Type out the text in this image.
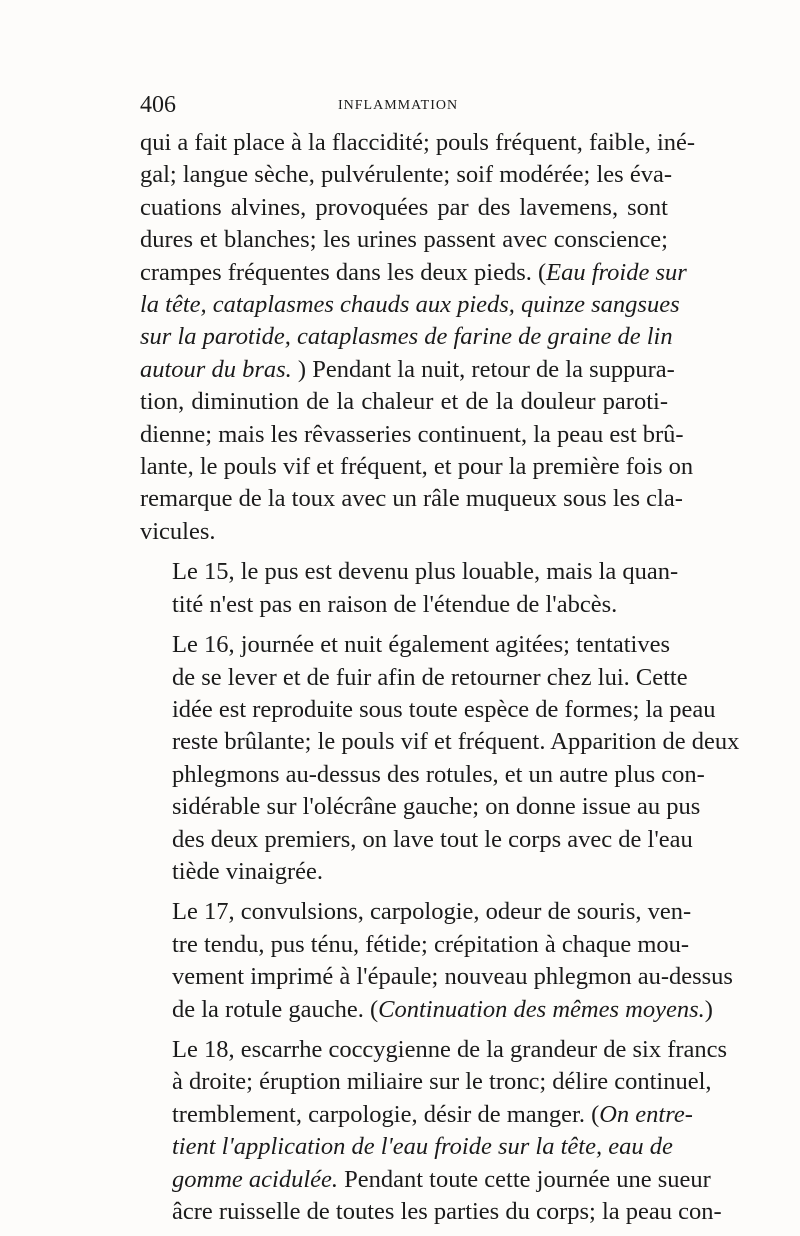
406	INFLAMMATION

qui a fait place à la flaccidité; pouls fréquent, faible, iné-
gal; langue sèche, pulvérulente; soif modérée; les éva-
cuations alvines, provoquées par des lavemens, sont
dures et blanches; les urines passent avec conscience;
crampes fréquentes dans les deux pieds. (Eau froide sur
la tête, cataplasmes chauds aux pieds, quinze sangsues
sur la parotide, cataplasmes de farine de graine de lin
autour du bras. ) Pendant la nuit, retour de la suppura-
tion, diminution de la chaleur et de la douleur paroti-
dienne; mais les rêvasseries continuent, la peau est brû-
lante, le pouls vif et fréquent, et pour la première fois on
remarque de la toux avec un râle muqueux sous les cla-
vicules.

Le 15, le pus est devenu plus louable, mais la quan-
tité n'est pas en raison de l'étendue de l'abcès.

Le 16, journée et nuit également agitées; tentatives
de se lever et de fuir afin de retourner chez lui. Cette
idée est reproduite sous toute espèce de formes; la peau
reste brûlante; le pouls vif et fréquent. Apparition de deux
phlegmons au-dessus des rotules, et un autre plus con-
sidérable sur l'olécrâne gauche; on donne issue au pus
des deux premiers, on lave tout le corps avec de l'eau
tiède vinaigrée.

Le 17, convulsions, carpologie, odeur de souris, ven-
tre tendu, pus ténu, fétide; crépitation à chaque mou-
vement imprimé à l'épaule; nouveau phlegmon au-dessus
de la rotule gauche. (Continuation des mêmes moyens.)

Le 18, escarrhe coccygienne de la grandeur de six francs
à droite; éruption miliaire sur le tronc; délire continuel,
tremblement, carpologie, désir de manger. (On entre-
tient l'application de l'eau froide sur la tête, eau de
gomme acidulée. Pendant toute cette journée une sueur
âcre ruisselle de toutes les parties du corps; la peau con-
